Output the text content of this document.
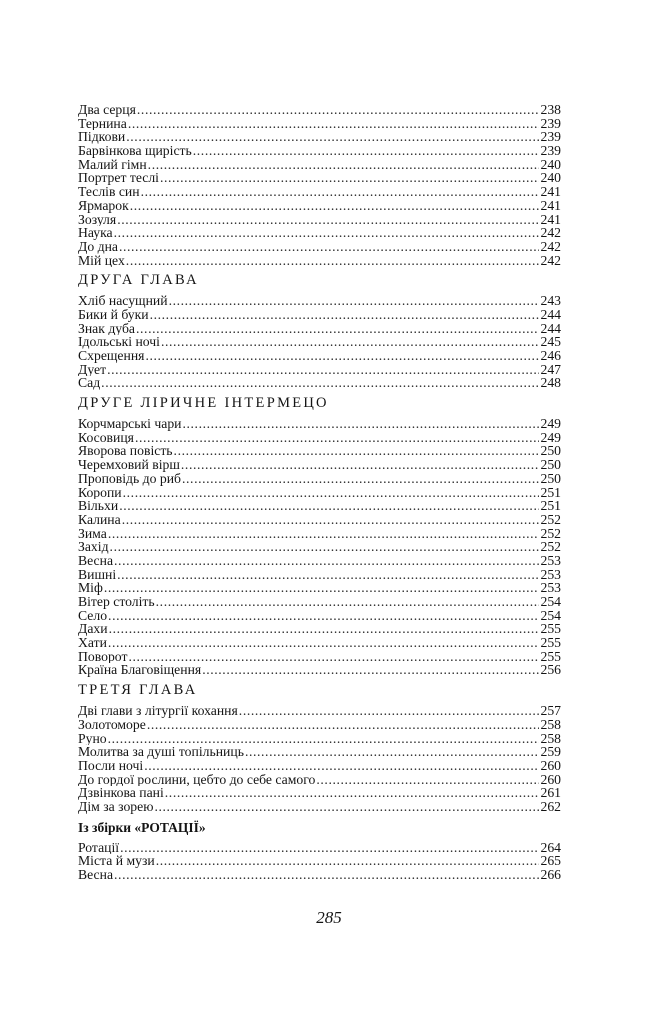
Два серця .....	238
Тернина .....	239
Підкови .....	239
Барвінкова щирість .....	239
Малий гімн .....	240
Портрет теслі .....	240
Теслів син .....	241
Ярмарок .....	241
Зозуля .....	241
Наука .....	242
До дна .....	242
Мій цех .....	242
ДРУГА ГЛАВА
Хліб насущний .....	243
Бики й буки .....	244
Знак дуба .....	244
Ідольські ночі .....	245
Схрещення .....	246
Дует .....	247
Сад .....	248
ДРУГЕ ЛІРИЧНЕ ІНТЕРМЕЦО
Корчмарські чари .....	249
Косовиця .....	249
Яворова повість .....	250
Черемховий вірш .....	250
Проповідь до риб .....	250
Коропи .....	251
Вільхи .....	251
Калина .....	252
Зима .....	252
Захід .....	252
Весна .....	253
Вишні .....	253
Міф .....	253
Вітер століть .....	254
Село .....	254
Дахи .....	255
Хати .....	255
Поворот .....	255
Країна Благовіщення .....	256
ТРЕТЯ ГЛАВА
Дві глави з літургії кохання .....	257
Золотоморе .....	258
Руно .....	258
Молитва за душі топільниць .....	259
Посли ночі .....	260
До гордої рослини, цебто до себе самого .....	260
Дзвінкова пані .....	261
Дім за зорею .....	262
Із збірки «РОТАЦІЇ»
Ротації .....	264
Міста й музи .....	265
Весна .....	266
285
